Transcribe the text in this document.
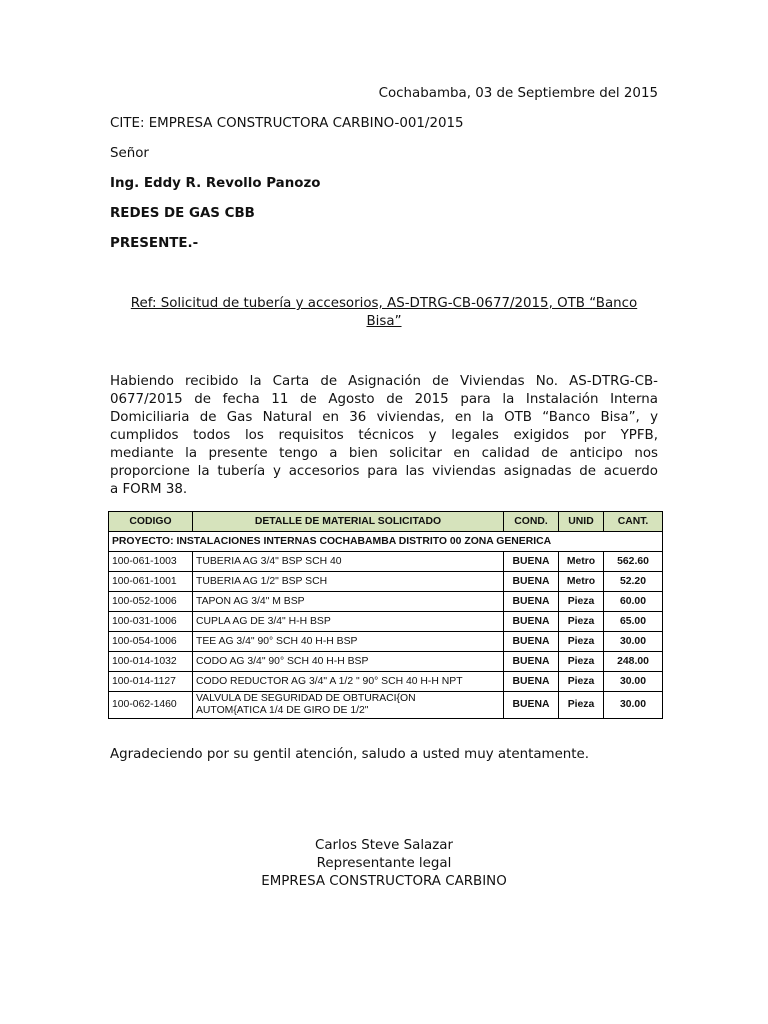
Cochabamba, 03 de Septiembre del 2015
CITE: EMPRESA CONSTRUCTORA CARBINO-001/2015
Señor
Ing. Eddy R. Revollo Panozo
REDES DE GAS CBB
PRESENTE.-
Ref: Solicitud de tubería y accesorios, AS-DTRG-CB-0677/2015, OTB “Banco
Bisa”
Habiendo recibido la Carta de Asignación de Viviendas No. AS-DTRG-CB-
0677/2015 de fecha 11 de Agosto de 2015 para la Instalación Interna
Domiciliaria de Gas Natural en 36 viviendas, en la OTB “Banco Bisa”, y
cumplidos todos los requisitos técnicos y legales exigidos por YPFB,
mediante la presente tengo a bien solicitar en calidad de anticipo nos
proporcione la tubería y accesorios para las viviendas asignadas de acuerdo
a FORM 38.
CODIGO	DETALLE DE MATERIAL SOLICITADO	COND.	UNID	CANT.
PROYECTO: INSTALACIONES INTERNAS COCHABAMBA DISTRITO 00 ZONA GENERICA				
100-061-1003	TUBERIA AG 3/4" BSP SCH 40	BUENA	Metro	562.60
100-061-1001	TUBERIA AG 1/2" BSP SCH	BUENA	Metro	52.20
100-052-1006	TAPON AG 3/4" M BSP	BUENA	Pieza	60.00
100-031-1006	CUPLA AG DE 3/4" H-H BSP	BUENA	Pieza	65.00
100-054-1006	TEE AG 3/4" 90° SCH 40 H-H BSP	BUENA	Pieza	30.00
100-014-1032	CODO AG 3/4" 90° SCH 40 H-H BSP	BUENA	Pieza	248.00
100-014-1127	CODO REDUCTOR AG 3/4" A 1/2 " 90° SCH 40 H-H NPT	BUENA	Pieza	30.00
100-062-1460	VALVULA DE SEGURIDAD DE OBTURACI{ON
AUTOM{ATICA 1/4 DE GIRO DE 1/2"	BUENA	Pieza	30.00
Agradeciendo por su gentil atención, saludo a usted muy atentamente.
Carlos Steve Salazar
Representante legal
EMPRESA CONSTRUCTORA CARBINO
